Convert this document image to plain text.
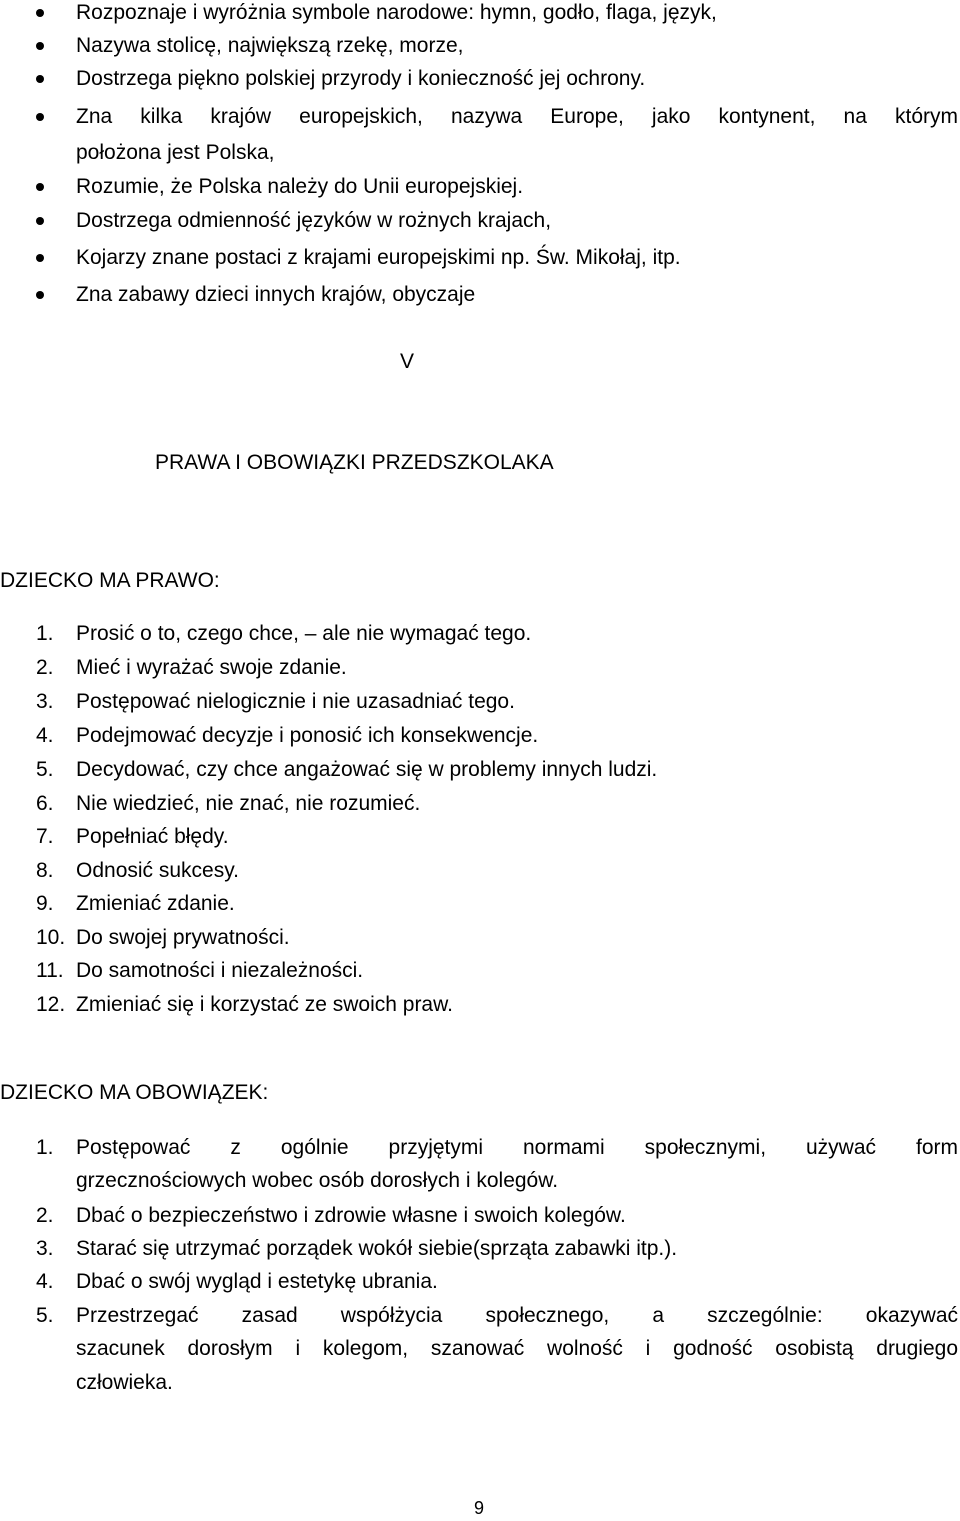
Rozpoznaje i wyróżnia symbole narodowe: hymn, godło, flaga, język,
Nazywa stolicę, największą rzekę, morze,
Dostrzega piękno polskiej przyrody i konieczność jej ochrony.
Zna kilka krajów europejskich, nazywa Europe, jako kontynent, na którym
położona jest Polska,
Rozumie, że Polska należy do Unii europejskiej.
Dostrzega odmienność języków w rożnych krajach,
Kojarzy znane postaci z krajami europejskimi np. Św. Mikołaj, itp.
Zna zabawy dzieci innych krajów, obyczaje
V
PRAWA I OBOWIĄZKI PRZEDSZKOLAKA
DZIECKO MA PRAWO:
1. Prosić o to, czego chce, – ale nie wymagać tego.
2. Mieć i wyrażać swoje zdanie.
3. Postępować nielogicznie i nie uzasadniać tego.
4. Podejmować decyzje i ponosić ich konsekwencje.
5. Decydować, czy chce angażować się w problemy innych ludzi.
6. Nie wiedzieć, nie znać, nie rozumieć.
7. Popełniać błędy.
8. Odnosić sukcesy.
9. Zmieniać zdanie.
10. Do swojej prywatności.
11. Do samotności i niezależności.
12. Zmieniać się i korzystać ze swoich praw.
DZIECKO MA OBOWIĄZEK:
1. Postępować z ogólnie przyjętymi normami społecznymi, używać form
grzecznościowych wobec osób dorosłych i kolegów.
2. Dbać o bezpieczeństwo i zdrowie własne i swoich kolegów.
3. Starać się utrzymać porządek wokół siebie(sprząta zabawki itp.).
4. Dbać o swój wygląd i estetykę ubrania.
5. Przestrzegać zasad współżycia społecznego, a szczególnie: okazywać
szacunek dorosłym i kolegom, szanować wolność i godność osobistą drugiego
człowieka.
9
